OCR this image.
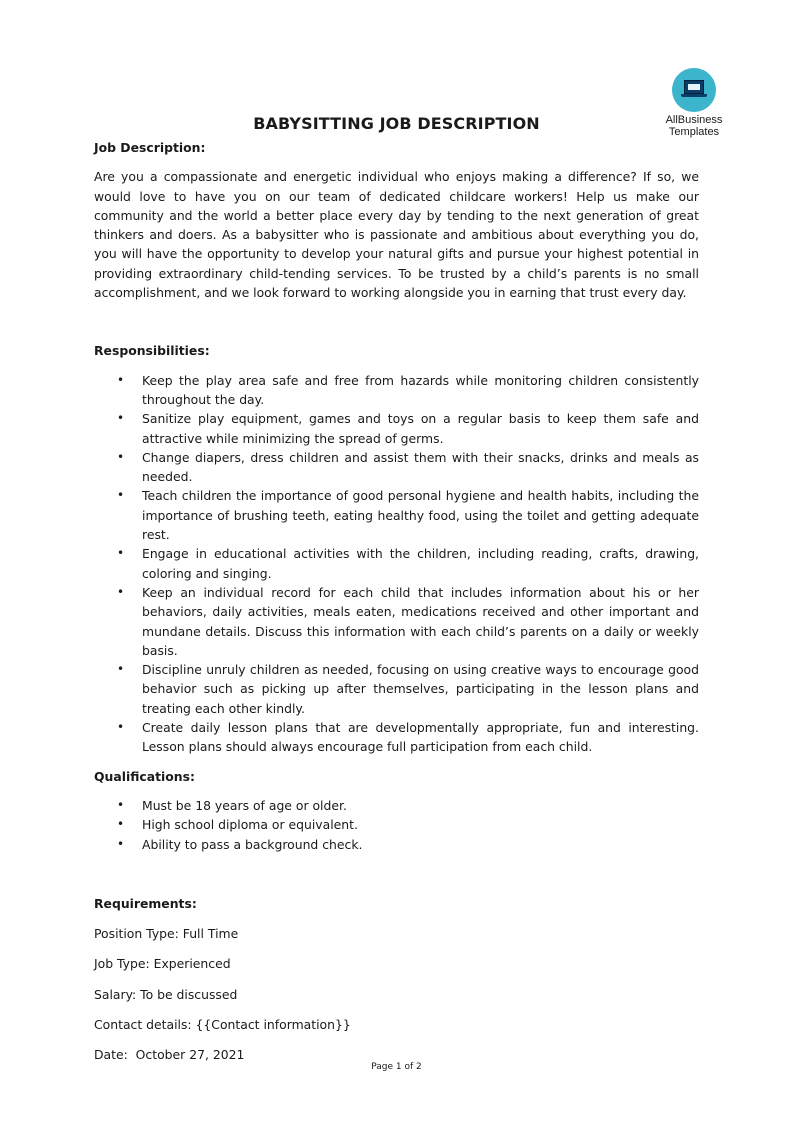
AllBusiness
Templates
BABYSITTING JOB DESCRIPTION

Job Description:

Are you a compassionate and energetic individual who enjoys making a difference? If so, we would love to have you on our team of dedicated childcare workers! Help us make our community and the world a better place every day by tending to the next generation of great thinkers and doers. As a babysitter who is passionate and ambitious about everything you do, you will have the opportunity to develop your natural gifts and pursue your highest potential in providing extraordinary child-tending services. To be trusted by a child’s parents is no small accomplishment, and we look forward to working alongside you in earning that trust every day.

Responsibilities:

• Keep the play area safe and free from hazards while monitoring children consistently throughout the day.
• Sanitize play equipment, games and toys on a regular basis to keep them safe and attractive while minimizing the spread of germs.
• Change diapers, dress children and assist them with their snacks, drinks and meals as needed.
• Teach children the importance of good personal hygiene and health habits, including the importance of brushing teeth, eating healthy food, using the toilet and getting adequate rest.
• Engage in educational activities with the children, including reading, crafts, drawing, coloring and singing.
• Keep an individual record for each child that includes information about his or her behaviors, daily activities, meals eaten, medications received and other important and mundane details. Discuss this information with each child’s parents on a daily or weekly basis.
• Discipline unruly children as needed, focusing on using creative ways to encourage good behavior such as picking up after themselves, participating in the lesson plans and treating each other kindly.
• Create daily lesson plans that are developmentally appropriate, fun and interesting. Lesson plans should always encourage full participation from each child.

Qualifications:

• Must be 18 years of age or older.
• High school diploma or equivalent.
• Ability to pass a background check.

Requirements:

Position Type: Full Time

Job Type: Experienced

Salary: To be discussed

Contact details: {{Contact information}}

Date:  October 27, 2021

Page 1 of 2
